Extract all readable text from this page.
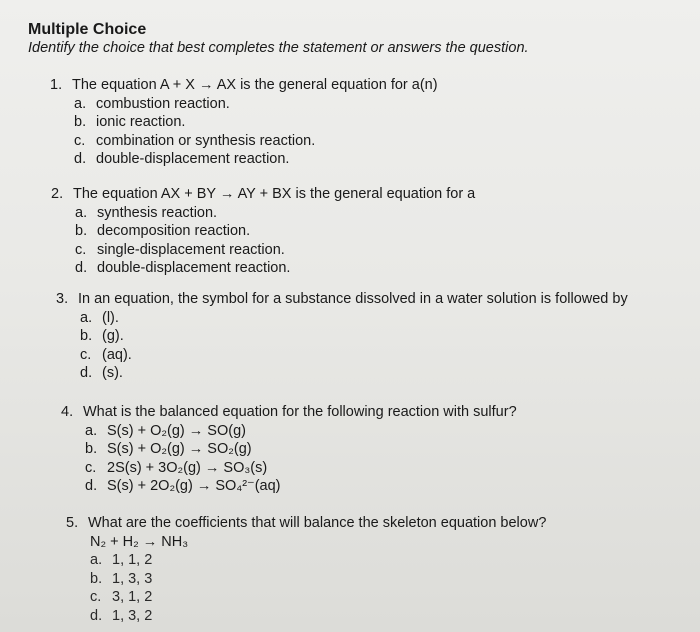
Multiple Choice
Identify the choice that best completes the statement or answers the question.
1. The equation A + X → AX is the general equation for a(n)
a. combustion reaction.
b. ionic reaction.
c. combination or synthesis reaction.
d. double-displacement reaction.
2. The equation AX + BY → AY + BX is the general equation for a
a. synthesis reaction.
b. decomposition reaction.
c. single-displacement reaction.
d. double-displacement reaction.
3. In an equation, the symbol for a substance dissolved in a water solution is followed by
a. (l).
b. (g).
c. (aq).
d. (s).
4. What is the balanced equation for the following reaction with sulfur?
a. S(s) + O₂(g) → SO(g)
b. S(s) + O₂(g) → SO₂(g)
c. 2S(s) + 3O₂(g) → SO₃(s)
d. S(s) + 2O₂(g) → SO₄²⁻(aq)
5. What are the coefficients that will balance the skeleton equation below?
N₂ + H₂ → NH₃
a. 1, 1, 2
b. 1, 3, 3
c. 3, 1, 2
d. 1, 3, 2
